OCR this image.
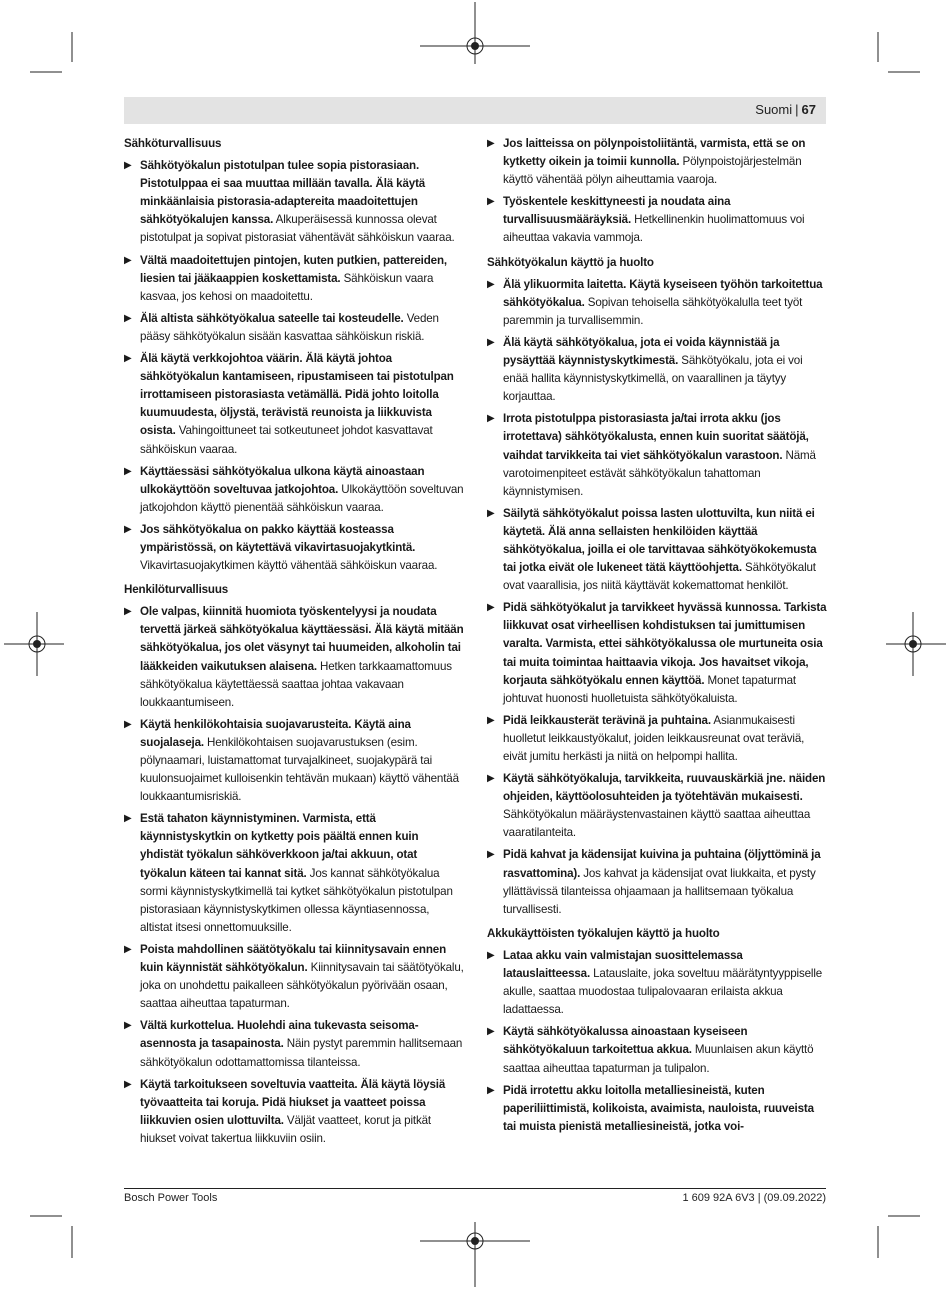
Suomi | 67
Sähköturvallisuus
▶ Sähkötyökalun pistotulpan tulee sopia pistorasiaan. Pistotulppaa ei saa muuttaa millään tavalla. Älä käytä minkäänlaisia pistorasia-adaptereita maadoitettujen sähkötyökalujen kanssa. Alkuperäisessä kunnossa olevat pistotulpat ja sopivat pistorasiat vähentävät sähköiskun vaaraa.
▶ Vältä maadoitettujen pintojen, kuten putkien, pattereiden, liesien tai jääkaappien koskettamista. Sähköiskun vaara kasvaa, jos kehosi on maadoitettu.
▶ Älä altista sähkötyökalua sateelle tai kosteudelle. Veden pääsy sähkötyökalun sisään kasvattaa sähköiskun riskiä.
▶ Älä käytä verkkojohtoa väärin. Älä käytä johtoa sähkötyökalun kantamiseen, ripustamiseen tai pistotulpan irrottamiseen pistorasiasta vetämällä. Pidä johto loitolla kuumuudesta, öljystä, terävistä reunoista ja liikkuvista osista. Vahingoittuneet tai sotkeutuneet johdot kasvattavat sähköiskun vaaraa.
▶ Käyttäessäsi sähkötyökalua ulkona käytä ainoastaan ulkokäyttöön soveltuvaa jatkojohtoa. Ulkokäyttöön soveltuvan jatkojohdon käyttö pienentää sähköiskun vaaraa.
▶ Jos sähkötyökalua on pakko käyttää kosteassa ympäristössä, on käytettävä vikavirtasuojakytkintä. Vikavirtasuojakytkimen käyttö vähentää sähköiskun vaaraa.
Henkilöturvallisuus
▶ Ole valpas, kiinnitä huomiota työskentelyysi ja noudata tervettä järkeä sähkötyökalua käyttäessäsi. Älä käytä mitään sähkötyökalua, jos olet väsynyt tai huumeiden, alkoholin tai lääkkeiden vaikutuksen alaisena. Hetken tarkkaamattomuus sähkötyökalua käytettäessä saattaa johtaa vakavaan loukkaantumiseen.
▶ Käytä henkilökohtaisia suojavarusteita. Käytä aina suojalaseja. Henkilökohtaisen suojavarustuksen (esim. pölynaamari, luistamattomat turvajalkineet, suojakypärä tai kuulonsuojaimet kulloisenkin tehtävän mukaan) käyttö vähentää loukkaantumisriskiä.
▶ Estä tahaton käynnistyminen. Varmista, että käynnistyskytkin on kytketty pois päältä ennen kuin yhdistät työkalun sähköverkkoon ja/tai akkuun, otat työkalun käteen tai kannat sitä. Jos kannat sähkötyökalua sormi käynnistyskytkimellä tai kytket sähkötyökalun pistotulpan pistorasiaan käynnistyskytkimen ollessa käyntiasennossa, altistat itsesi onnettomuuksille.
▶ Poista mahdollinen säätötyökalu tai kiinnitysavain ennen kuin käynnistät sähkötyökalun. Kiinnitysavain tai säätötyökalu, joka on unohdettu paikalleen sähkötyökalun pyörivään osaan, saattaa aiheuttaa tapaturman.
▶ Vältä kurkottelua. Huolehdi aina tukevasta seisoma-asennosta ja tasapainosta. Näin pystyt paremmin hallitsemaan sähkötyökalun odottamattomissa tilanteissa.
▶ Käytä tarkoitukseen soveltuvia vaatteita. Älä käytä löysiä työvaatteita tai koruja. Pidä hiukset ja vaatteet poissa liikkuvien osien ulottuvilta. Väljät vaatteet, korut ja pitkät hiukset voivat takertua liikkuviin osiin.
▶ Jos laitteissa on pölynpoistoliitäntä, varmista, että se on kytketty oikein ja toimii kunnolla. Pölynpoistojärjestelmän käyttö vähentää pölyn aiheuttamia vaaroja.
▶ Työskentele keskittyneesti ja noudata aina turvallisuusmääräyksiä. Hetkellinenkin huolimattomuus voi aiheuttaa vakavia vammoja.
Sähkötyökalun käyttö ja huolto
▶ Älä ylikuormita laitetta. Käytä kyseiseen työhön tarkoitettua sähkötyökalua. Sopivan tehoisella sähkötyökalulla teet työt paremmin ja turvallisemmin.
▶ Älä käytä sähkötyökalua, jota ei voida käynnistää ja pysäyttää käynnistyskytkimestä. Sähkötyökalu, jota ei voi enää hallita käynnistyskytkimellä, on vaarallinen ja täytyy korjauttaa.
▶ Irrota pistotulppa pistorasiasta ja/tai irrota akku (jos irrotettava) sähkötyökalusta, ennen kuin suoritat säätöjä, vaihdat tarvikkeita tai viet sähkötyökalun varastoon. Nämä varotoimenpiteet estävät sähkötyökalun tahattoman käynnistymisen.
▶ Säilytä sähkötyökalut poissa lasten ulottuvilta, kun niitä ei käytetä. Älä anna sellaisten henkilöiden käyttää sähkötyökalua, joilla ei ole tarvittavaa sähkötyökokemusta tai jotka eivät ole lukeneet tätä käyttöohjetta. Sähkötyökalut ovat vaarallisia, jos niitä käyttävät kokemattomat henkilöt.
▶ Pidä sähkötyökalut ja tarvikkeet hyvässä kunnossa. Tarkista liikkuvat osat virheellisen kohdistuksen tai jumittumisen varalta. Varmista, ettei sähkötyökalussa ole murtuneita osia tai muita toimintaa haittaavia vikoja. Jos havaitset vikoja, korjauta sähkötyökalu ennen käyttöä. Monet tapaturmat johtuvat huonosti huolletuista sähkötyökaluista.
▶ Pidä leikkausterät terävinä ja puhtaina. Asianmukaisesti huolletut leikkaustyökalut, joiden leikkausreunat ovat teräviä, eivät jumitu herkästi ja niitä on helpompi hallita.
▶ Käytä sähkötyökaluja, tarvikkeita, ruuvauskärkiä jne. näiden ohjeiden, käyttöolosuhteiden ja työtehtävän mukaisesti. Sähkötyökalun määräystenvastainen käyttö saattaa aiheuttaa vaaratilanteita.
▶ Pidä kahvat ja kädensijat kuivina ja puhtaina (öljyttöminä ja rasvattomina). Jos kahvat ja kädensijat ovat liukkaita, et pysty yllättävissä tilanteissa ohjaamaan ja hallitsemaan työkalua turvallisesti.
Akkukäyttöisten työkalujen käyttö ja huolto
▶ Lataa akku vain valmistajan suosittelemassa latauslaitteessa. Latauslaite, joka soveltuu määrätyntyyppiselle akulle, saattaa muodostaa tulipalovaaran erilaista akkua ladattaessa.
▶ Käytä sähkötyökalussa ainoastaan kyseiseen sähkötyökaluun tarkoitettua akkua. Muunlaisen akun käyttö saattaa aiheuttaa tapaturman ja tulipalon.
▶ Pidä irrotettu akku loitolla metalliesineistä, kuten paperiliittimistä, kolikoista, avaimista, nauloista, ruuveista tai muista pienistä metalliesineistä, jotka voi-
Bosch Power Tools	1 609 92A 6V3 | (09.09.2022)
